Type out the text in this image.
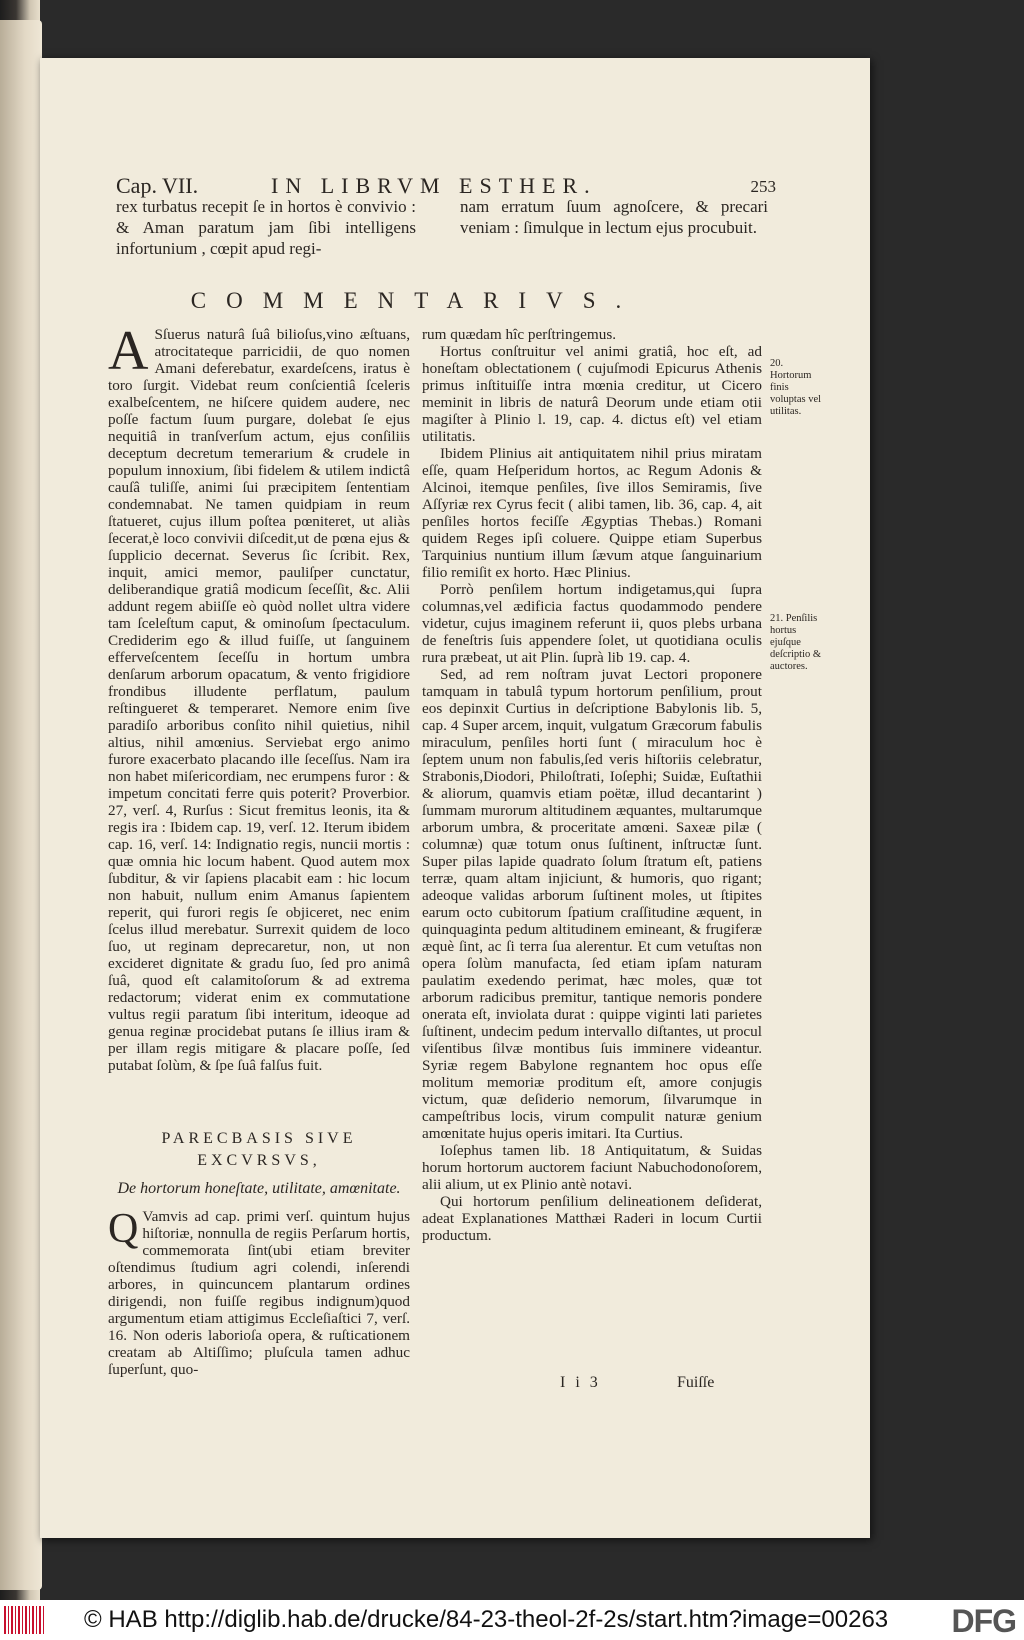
Cap. VII.	IN LIBRVM ESTHER.	253
rex turbatus recepit ſe in hortos è convivio : & Aman paratum jam ſibi intelligens infortunium , cœpit apud regi-
nam erratum ſuum agnoſcere, & precari veniam : ſimulque in lectum ejus procubuit.
COMMENTARIVS.
A Sſuerus naturâ ſuâ bilioſus,vino æſtuans, atrocitateque parricidii, de quo nomen Amani deferebatur, exardeſcens, iratus è toro ſurgit. Videbat reum conſcientiâ ſceleris exalbeſcentem, ne hiſcere quidem audere, nec poſſe factum ſuum purgare, dolebat ſe ejus nequitiâ in tranſverſum actum, ejus conſiliis deceptum decretum temerarium & crudele in populum innoxium, ſibi fidelem & utilem indictâ cauſâ tuliſſe, animi ſui præcipitem ſententiam condemnabat. Ne tamen quidpiam in reum ſtatueret, cujus illum poſtea pœniteret, ut aliàs ſecerat,è loco convivii diſcedit,ut de pœna ejus & ſupplicio decernat. Severus ſic ſcribit. Rex, inquit, amici memor, pauliſper cunctatur, deliberandique gratiâ modicum ſeceſſit, &c. Alii addunt regem abiiſſe eò quòd nollet ultra videre tam ſceleſtum caput, & ominoſum ſpectaculum. Crediderim ego & illud fuiſſe, ut ſanguinem efferveſcentem ſeceſſu in hortum umbra denſarum arborum opacatum, & vento frigidiore frondibus illudente perflatum, paulum reſtingueret & temperaret. Nemore enim ſive paradiſo arboribus conſito nihil quietius, nihil altius, nihil amœnius. Serviebat ergo animo furore exacerbato placando ille ſeceſſus. Nam ira non habet miſericordiam, nec erumpens furor : & impetum concitati ferre quis poterit? Proverbior. 27, verſ. 4, Rurſus : Sicut fremitus leonis, ita & regis ira : Ibidem cap. 19, verſ. 12. Iterum ibidem cap. 16, verſ. 14: Indignatio regis, nuncii mortis : quæ omnia hic locum habent. Quod autem mox ſubditur, & vir ſapiens placabit eam : hic locum non habuit, nullum enim Amanus ſapientem reperit, qui furori regis ſe objiceret, nec enim ſcelus illud merebatur. Surrexit quidem de loco ſuo, ut reginam deprecaretur, non, ut non excideret dignitate & gradu ſuo, ſed pro animâ ſuâ, quod eſt calamitoſorum & ad extrema redactorum; viderat enim ex commutatione vultus regii paratum ſibi interitum, ideoque ad genua reginæ procidebat putans ſe illius iram & per illam regis mitigare & placare poſſe, ſed putabat ſolùm, & ſpe ſuâ falſus fuit.

PARECBASIS SIVE
EXCVRSVS,
De hortorum honeſtate, utilitate, amœnitate.
Q Vamvis ad cap. primi verſ. quintum hujus hiſtoriæ, nonnulla de regiis Perſarum hortis, commemorata ſint(ubi etiam breviter oſtendimus ſtudium agri colendi, inſerendi arbores, in quincuncem plantarum ordines dirigendi, non fuiſſe regibus indignum)quod argumentum etiam attigimus Eccleſiaſtici 7, verſ. 16. Non oderis laborioſa opera, & ruſticationem creatam ab Altiſſimo; pluſcula tamen adhuc ſuperſunt, quo-

rum quædam hîc perſtringemus.

Hortus conſtruitur vel animi gratiâ, hoc eſt, ad honeſtam oblectationem ( cujuſmodi Epicurus Athenis primus inſtituiſſe intra mœnia creditur, ut Cicero meminit in libris de naturâ Deorum unde etiam otii magiſter à Plinio l. 19, cap. 4. dictus eſt) vel etiam utilitatis.

Ibidem Plinius ait antiquitatem nihil prius miratam eſſe, quam Heſperidum hortos, ac Regum Adonis & Alcinoi, itemque penſiles, ſive illos Semiramis, ſive Aſſyriæ rex Cyrus fecit ( alibi tamen, lib. 36, cap. 4, ait penſiles hortos feciſſe Ægyptias Thebas.) Romani quidem Reges ipſi coluere. Quippe etiam Superbus Tarquinius nuntium illum ſævum atque ſanguinarium filio remiſit ex horto. Hæc Plinius.

Porrò penſilem hortum indigetamus,qui ſupra columnas,vel ædificia factus quodammodo pendere videtur, cujus imaginem referunt ii, quos plebs urbana de feneſtris ſuis appendere ſolet, ut quotidiana oculis rura præbeat, ut ait Plin. ſuprà lib 19. cap. 4.

Sed, ad rem noſtram juvat Lectori proponere tamquam in tabulâ typum hortorum penſilium, prout eos depinxit Curtius in deſcriptione Babylonis lib. 5, cap. 4 Super arcem, inquit, vulgatum Græcorum fabulis miraculum, penſiles horti ſunt ( miraculum hoc è ſeptem unum non fabulis,ſed veris hiſtoriis celebratur, Strabonis,Diodori, Philoſtrati, Ioſephi; Suidæ, Euſtathii & aliorum, quamvis etiam poëtæ, illud decantarint ) ſummam murorum altitudinem æquantes, multarumque arborum umbra, & proceritate amœni. Saxeæ pilæ ( columnæ) quæ totum onus ſuſtinent, inſtructæ ſunt. Super pilas lapide quadrato ſolum ſtratum eſt, patiens terræ, quam altam injiciunt, & humoris, quo rigant; adeoque validas arborum ſuſtinent moles, ut ſtipites earum octo cubitorum ſpatium craſſitudine æquent, in quinquaginta pedum altitudinem emineant, & frugiferæ æquè ſint, ac ſi terra ſua alerentur. Et cum vetuſtas non opera ſolùm manufacta, ſed etiam ipſam naturam paulatim exedendo perimat, hæc moles, quæ tot arborum radicibus premitur, tantique nemoris pondere onerata eſt, inviolata durat : quippe viginti lati parietes ſuſtinent, undecim pedum intervallo diſtantes, ut procul viſentibus ſilvæ montibus ſuis imminere videantur. Syriæ regem Babylone regnantem hoc opus eſſe molitum memoriæ proditum eſt, amore conjugis victum, quæ deſiderio nemorum, ſilvarumque in campeſtribus locis, virum compulit naturæ genium amœnitate hujus operis imitari. Ita Curtius.

Ioſephus tamen lib. 18 Antiquitatum, & Suidas horum hortorum auctorem faciunt Nabuchodonoſorem, alii alium, ut ex Plinio antè notavi.

Qui hortorum penſilium delineationem deſiderat, adeat Explanationes Matthæi Raderi in locum Curtii productum.

20. Hortorum finis voluptas vel utilitas.
21. Penſilis hortus ejuſque deſcriptio & auctores.
I i 3	Fuiſſe
© HAB http://diglib.hab.de/drucke/84-23-theol-2f-2s/start.htm?image=00263 DFG
